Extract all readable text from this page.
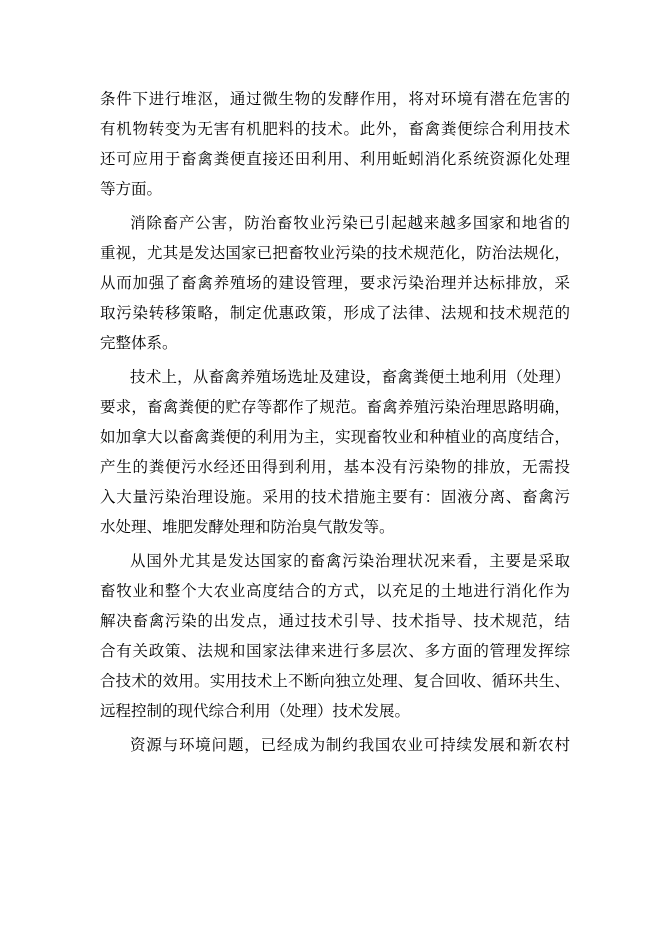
条件下进行堆沤，通过微生物的发酵作用，将对环境有潜在危害的
有机物转变为无害有机肥料的技术。此外，畜禽粪便综合利用技术
还可应用于畜禽粪便直接还田利用、利用蚯蚓消化系统资源化处理
等方面。
消除畜产公害，防治畜牧业污染已引起越来越多国家和地省的
重视，尤其是发达国家已把畜牧业污染的技术规范化，防治法规化，
从而加强了畜禽养殖场的建设管理，要求污染治理并达标排放，采
取污染转移策略，制定优惠政策，形成了法律、法规和技术规范的
完整体系。
技术上，从畜禽养殖场选址及建设，畜禽粪便土地利用（处理）
要求，畜禽粪便的贮存等都作了规范。畜禽养殖污染治理思路明确，
如加拿大以畜禽粪便的利用为主，实现畜牧业和种植业的高度结合，
产生的粪便污水经还田得到利用，基本没有污染物的排放，无需投
入大量污染治理设施。采用的技术措施主要有：固液分离、畜禽污
水处理、堆肥发酵处理和防治臭气散发等。
从国外尤其是发达国家的畜禽污染治理状况来看，主要是采取
畜牧业和整个大农业高度结合的方式，以充足的土地进行消化作为
解决畜禽污染的出发点，通过技术引导、技术指导、技术规范，结
合有关政策、法规和国家法律来进行多层次、多方面的管理发挥综
合技术的效用。实用技术上不断向独立处理、复合回收、循环共生、
远程控制的现代综合利用（处理）技术发展。
资源与环境问题，已经成为制约我国农业可持续发展和新农村
